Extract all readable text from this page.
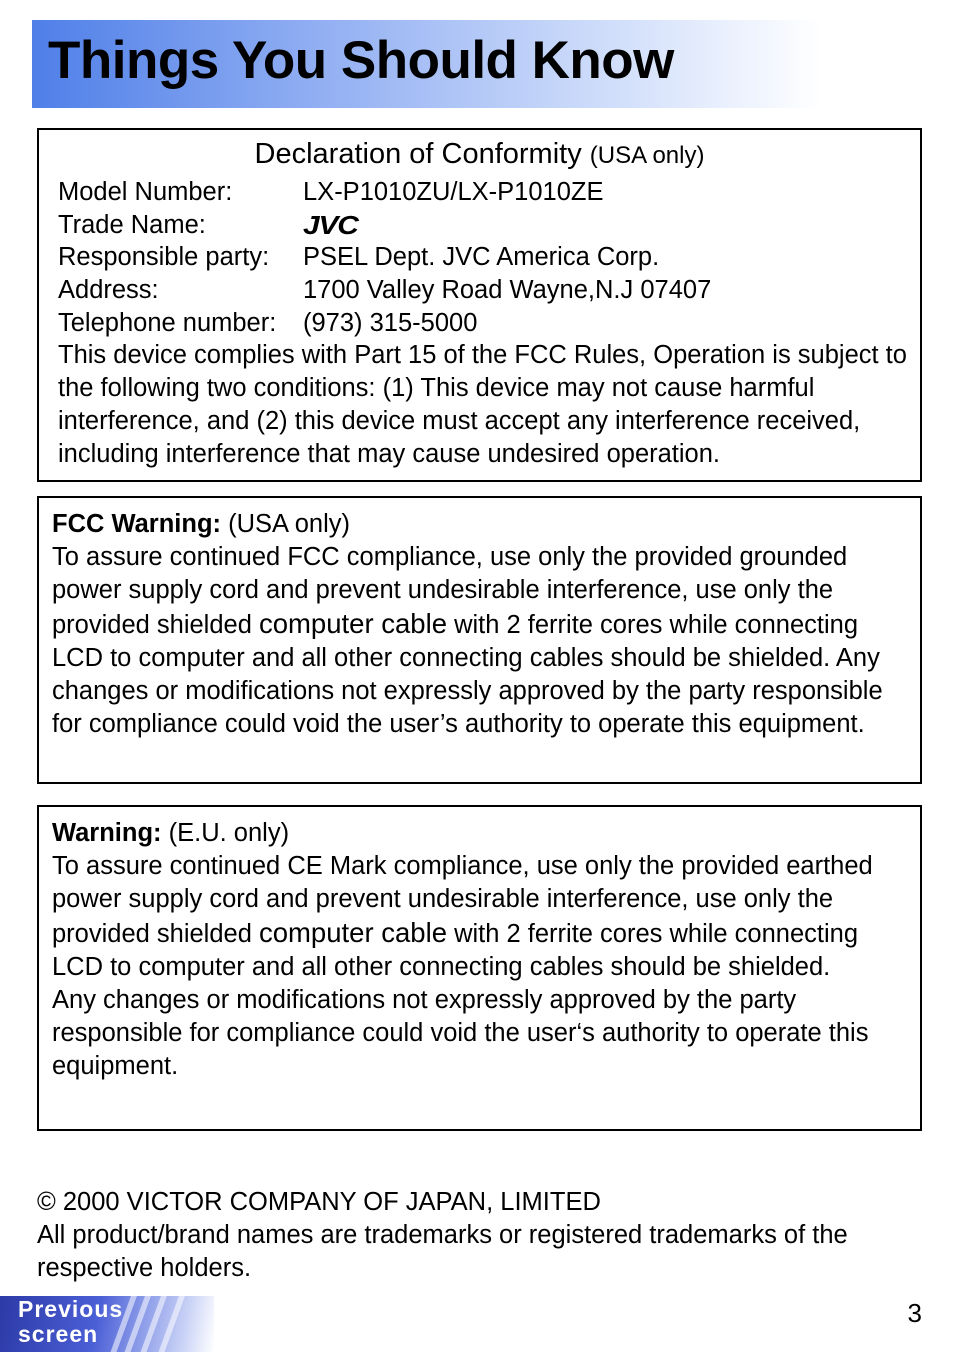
Things You Should Know
Declaration of Conformity (USA only)
Model Number:	LX-P1010ZU/LX-P1010ZE
Trade Name:	JVC
Responsible party: PSEL Dept. JVC America Corp.
Address:	1700 Valley Road Wayne,N.J 07407
Telephone number: (973) 315-5000
This device complies with Part 15 of the FCC Rules, Operation is subject to the following two conditions: (1) This device may not cause harmful interference, and (2) this device must accept any interference received, including interference that may cause undesired operation.
FCC Warning: (USA only)
To assure continued FCC compliance, use only the provided grounded power supply cord and prevent undesirable interference, use only the provided shielded computer cable with 2 ferrite cores while connecting LCD to computer and all other connecting cables should be shielded. Any changes or modifications not expressly approved by the party responsible for compliance could void the user’s authority to operate this equipment.
Warning: (E.U. only)
To assure continued CE Mark compliance, use only the provided earthed power supply cord and prevent undesirable interference, use only the provided shielded computer cable with 2 ferrite cores while connecting LCD to computer and all other connecting cables should be shielded.
Any changes or modifications not expressly approved by the party responsible for compliance could void the user‘s authority to operate this equipment.
© 2000 VICTOR COMPANY OF JAPAN, LIMITED
All product/brand names are trademarks or registered trademarks of the respective holders.
Previous
screen
3
